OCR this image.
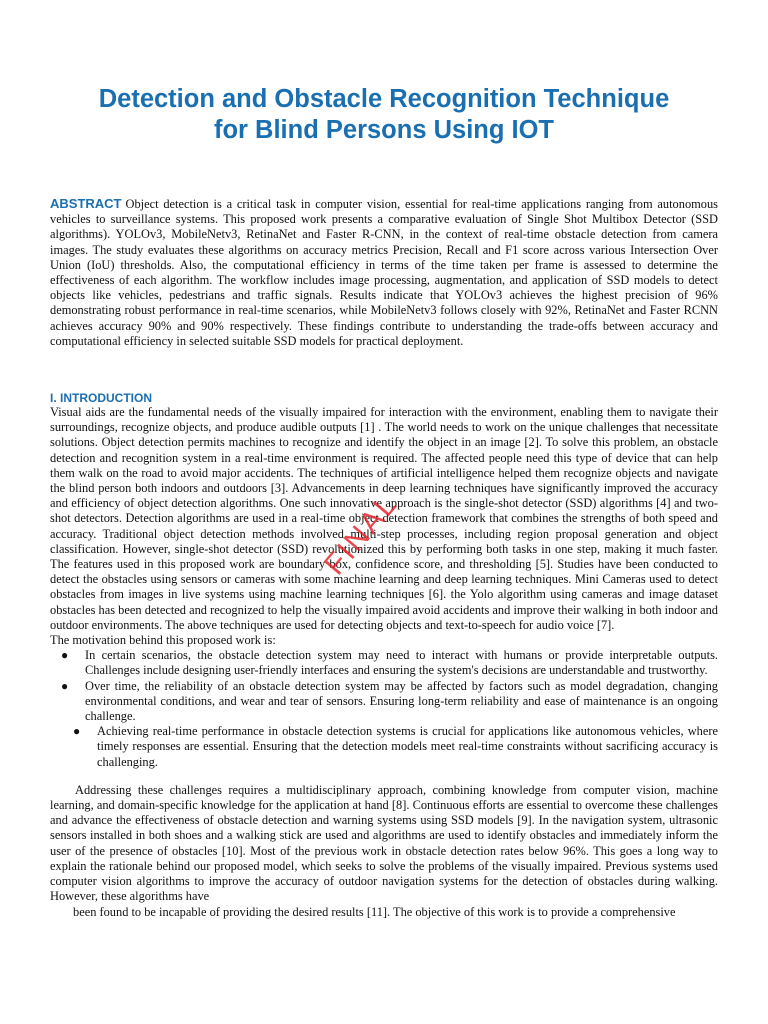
Detection and Obstacle Recognition Technique
for Blind Persons Using IOT

ABSTRACT Object detection is a critical task in computer vision, essential for real-time applications ranging from autonomous vehicles to surveillance systems. This proposed work presents a comparative evaluation of Single Shot Multibox Detector (SSD algorithms). YOLOv3, MobileNetv3, RetinaNet and Faster R-CNN, in the context of real-time obstacle detection from camera images. The study evaluates these algorithms on accuracy metrics Precision, Recall and F1 score across various Intersection Over Union (IoU) thresholds. Also, the computational efficiency in terms of the time taken per frame is assessed to determine the effectiveness of each algorithm. The workflow includes image processing, augmentation, and application of SSD models to detect objects like vehicles, pedestrians and traffic signals. Results indicate that YOLOv3 achieves the highest precision of 96% demonstrating robust performance in real-time scenarios, while MobileNetv3 follows closely with 92%, RetinaNet and Faster RCNN achieves accuracy 90% and 90% respectively. These findings contribute to understanding the trade-offs between accuracy and computational efficiency in selected suitable SSD models for practical deployment.

I. INTRODUCTION

Visual aids are the fundamental needs of the visually impaired for interaction with the environment, enabling them to navigate their surroundings, recognize objects, and produce audible outputs [1] . The world needs to work on the unique challenges that necessitate solutions. Object detection permits machines to recognize and identify the object in an image [2]. To solve this problem, an obstacle detection and recognition system in a real-time environment is required. The affected people need this type of device that can help them walk on the road to avoid major accidents. The techniques of artificial intelligence helped them recognize objects and navigate the blind person both indoors and outdoors [3]. Advancements in deep learning techniques have significantly improved the accuracy and efficiency of object detection algorithms. One such innovative approach is the single-shot detector (SSD) algorithms [4] and two-shot detectors. Detection algorithms are used in a real-time object detection framework that combines the strengths of both speed and accuracy. Traditional object detection methods involved multi-step processes, including region proposal generation and object classification. However, single-shot detector (SSD) revolutionized this by performing both tasks in one step, making it much faster. The features used in this proposed work are boundary box, confidence score, and thresholding [5]. Studies have been conducted to detect the obstacles using sensors or cameras with some machine learning and deep learning techniques. Mini Cameras used to detect obstacles from images in live systems using machine learning techniques [6]. the Yolo algorithm using cameras and image dataset obstacles has been detected and recognized to help the visually impaired avoid accidents and improve their walking in both indoor and outdoor environments. The above techniques are used for detecting objects and text-to-speech for audio voice [7].

The motivation behind this proposed work is:

● In certain scenarios, the obstacle detection system may need to interact with humans or provide interpretable outputs. Challenges include designing user-friendly interfaces and ensuring the system's decisions are understandable and trustworthy.
● Over time, the reliability of an obstacle detection system may be affected by factors such as model degradation, changing environmental conditions, and wear and tear of sensors. Ensuring long-term reliability and ease of maintenance is an ongoing challenge.
● Achieving real-time performance in obstacle detection systems is crucial for applications like autonomous vehicles, where timely responses are essential. Ensuring that the detection models meet real-time constraints without sacrificing accuracy is challenging.

Addressing these challenges requires a multidisciplinary approach, combining knowledge from computer vision, machine learning, and domain-specific knowledge for the application at hand [8]. Continuous efforts are essential to overcome these challenges and advance the effectiveness of obstacle detection and warning systems using SSD models [9]. In the navigation system, ultrasonic sensors installed in both shoes and a walking stick are used and algorithms are used to identify obstacles and immediately inform the user of the presence of obstacles [10]. Most of the previous work in obstacle detection rates below 96%. This goes a long way to explain the rationale behind our proposed model, which seeks to solve the problems of the visually impaired. Previous systems used computer vision algorithms to improve the accuracy of outdoor navigation systems for the detection of obstacles during walking. However, these algorithms have

been found to be incapable of providing the desired results [11]. The objective of this work is to provide a comprehensive

FINAL
